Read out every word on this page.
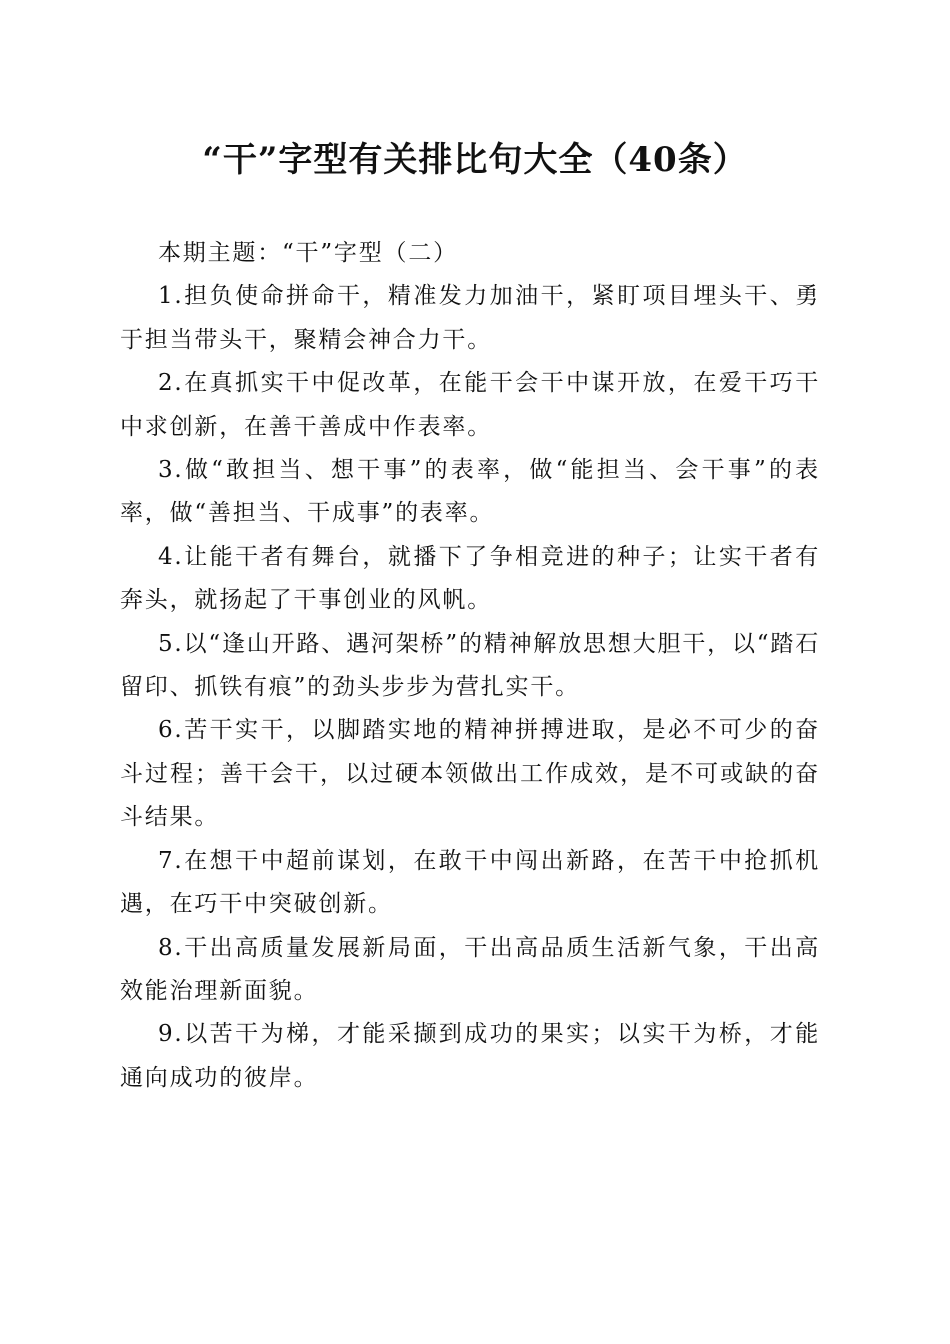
“干”字型有关排比句大全（40条）

本期主题：“干”字型（二）

1.担负使命拼命干，精准发力加油干，紧盯项目埋头干、勇于担当带头干，聚精会神合力干。

2.在真抓实干中促改革，在能干会干中谋开放，在爱干巧干中求创新，在善干善成中作表率。

3.做“敢担当、想干事”的表率，做“能担当、会干事”的表率，做“善担当、干成事”的表率。

4.让能干者有舞台，就播下了争相竞进的种子；让实干者有奔头，就扬起了干事创业的风帆。

5.以“逢山开路、遇河架桥”的精神解放思想大胆干，以“踏石留印、抓铁有痕”的劲头步步为营扎实干。

6.苦干实干，以脚踏实地的精神拼搏进取，是必不可少的奋斗过程；善干会干，以过硬本领做出工作成效，是不可或缺的奋斗结果。

7.在想干中超前谋划，在敢干中闯出新路，在苦干中抢抓机遇，在巧干中突破创新。

8.干出高质量发展新局面，干出高品质生活新气象，干出高效能治理新面貌。

9.以苦干为梯，才能采撷到成功的果实；以实干为桥，才能通向成功的彼岸。
